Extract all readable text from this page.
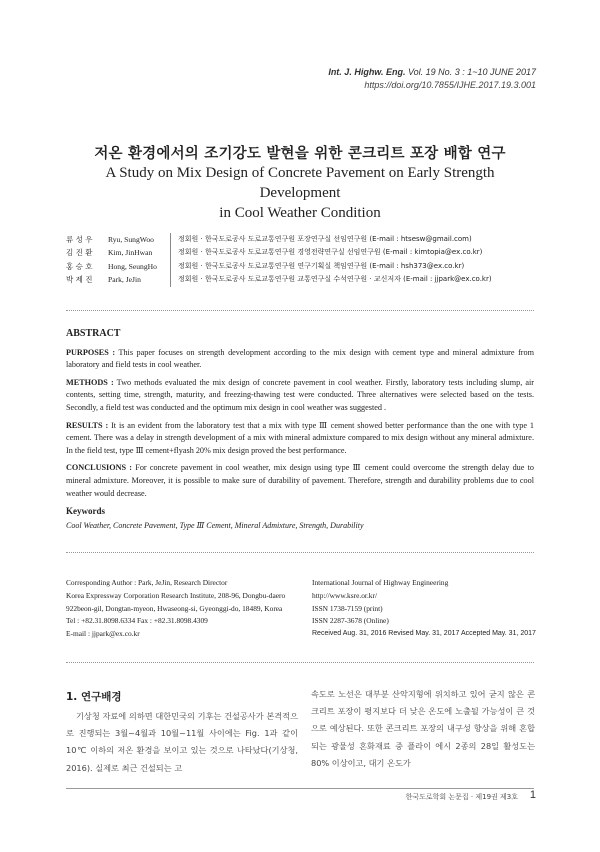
Int. J. Highw. Eng. Vol. 19 No. 3 : 1~10 JUNE 2017
https://doi.org/10.7855/IJHE.2017.19.3.001
저온 환경에서의 조기강도 발현을 위한 콘크리트 포장 배합 연구
A Study on Mix Design of Concrete Pavement on Early Strength Development
in Cool Weather Condition
류 성 우	Ryu, SungWoo	정회원 · 한국도로공사 도로교통연구원 포장연구실 선임연구원 (E-mail : htsesw@gmail.com)
김 진 환	Kim, JinHwan	정회원 · 한국도로공사 도로교통연구원 경영전략연구실 선임연구원 (E-mail : kimtopia@ex.co.kr)
홍 승 호	Hong, SeungHo	정회원 · 한국도로공사 도로교통연구원 연구기획실 책임연구원 (E-mail : hsh373@ex.co.kr)
박 제 진	Park, JeJin	정회원 · 한국도로공사 도로교통연구원 교통연구실 수석연구원 · 교신저자 (E-mail : jjpark@ex.co.kr)
ABSTRACT

PURPOSES : This paper focuses on strength development according to the mix design with cement type and mineral admixture from laboratory and field tests in cool weather.

METHODS : Two methods evaluated the mix design of concrete pavement in cool weather. Firstly, laboratory tests including slump, air contents, setting time, strength, maturity, and freezing-thawing test were conducted. Three alternatives were selected based on the tests. Secondly, a field test was conducted and the optimum mix design in cool weather was suggested .

RESULTS : It is an evident from the laboratory test that a mix with type Ⅲ cement showed better performance than the one with type 1 cement. There was a delay in strength development of a mix with mineral admixture compared to mix design without any mineral admixture. In the field test, type Ⅲ cement+flyash 20% mix design proved the best performance.

CONCLUSIONS : For concrete pavement in cool weather, mix design using type Ⅲ cement could overcome the strength delay due to mineral admixture. Moreover, it is possible to make sure of durability of pavement. Therefore, strength and durability problems due to cool weather would decrease.

Keywords
Cool Weather, Concrete Pavement, Type Ⅲ Cement, Mineral Admixture, Strength, Durability
Corresponding Author : Park, JeJin, Research Director
Korea Expressway Corporation Research Institute, 208-96, Dongbu-daero
922beon-gil, Dongtan-myeon, Hwaseong-si, Gyeonggi-do, 18489, Korea
Tel : +82.31.8098.6334 Fax : +82.31.8098.4309
E-mail : jjpark@ex.co.kr
International Journal of Highway Engineering
http://www.ksre.or.kr/
ISSN 1738-7159 (print)
ISSN 2287-3678 (Online)
Received Aug. 31, 2016 Revised May. 31, 2017 Accepted May. 31, 2017
1. 연구배경

기상청 자료에 의하면 대한민국의 기후는 건설공사가 본격적으로 진행되는 3월~4월과 10월~11월 사이에는 Fig. 1과 같이 10℃ 이하의 저온 환경을 보이고 있는 것으로 나타났다(기상청, 2016). 실제로 최근 건설되는 고

속도로 노선은 대부분 산악지형에 위치하고 있어 굳지 않은 콘크리트 포장이 평지보다 더 낮은 온도에 노출될 가능성이 큰 것으로 예상된다. 또한 콘크리트 포장의 내구성 향상을 위해 혼합되는 광물성 혼화재료 중 플라이 에시 2종의 28일 활성도는 80% 이상이고, 대기 온도가

한국도로학회 논문집 · 제19권 제3호 1
